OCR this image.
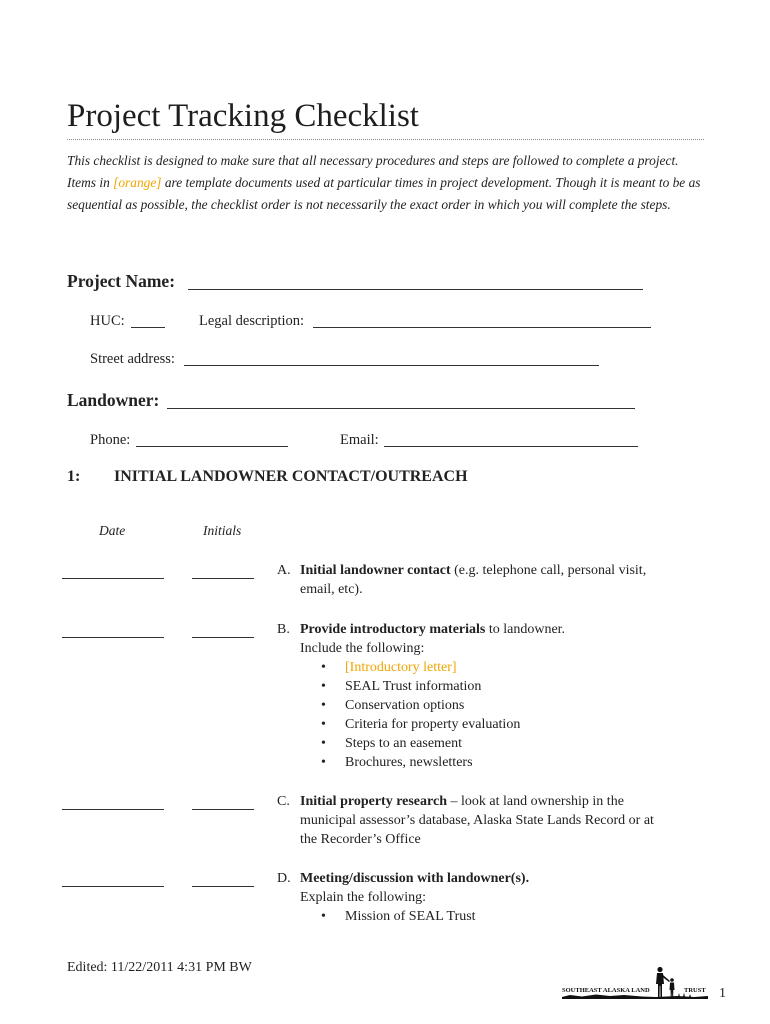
Project Tracking Checklist
This checklist is designed to make sure that all necessary procedures and steps are followed to complete a project. Items in [orange] are template documents used at particular times in project development. Though it is meant to be as sequential as possible, the checklist order is not necessarily the exact order in which you will complete the steps.
Project Name:
HUC:	Legal description:
Street address:
Landowner:
Phone:	Email:
1: INITIAL LANDOWNER CONTACT/OUTREACH
Date	Initials
A. Initial landowner contact (e.g. telephone call, personal visit,
email, etc).
B. Provide introductory materials to landowner.
Include the following:
• [Introductory letter]
• SEAL Trust information
• Conservation options
• Criteria for property evaluation
• Steps to an easement
• Brochures, newsletters
C. Initial property research – look at land ownership in the
municipal assessor’s database, Alaska State Lands Record or at
the Recorder’s Office
D. Meeting/discussion with landowner(s).
Explain the following:
• Mission of SEAL Trust
Edited: 11/22/2011 4:31 PM BW
SOUTHEAST ALASKA LAND	TRUST 1
